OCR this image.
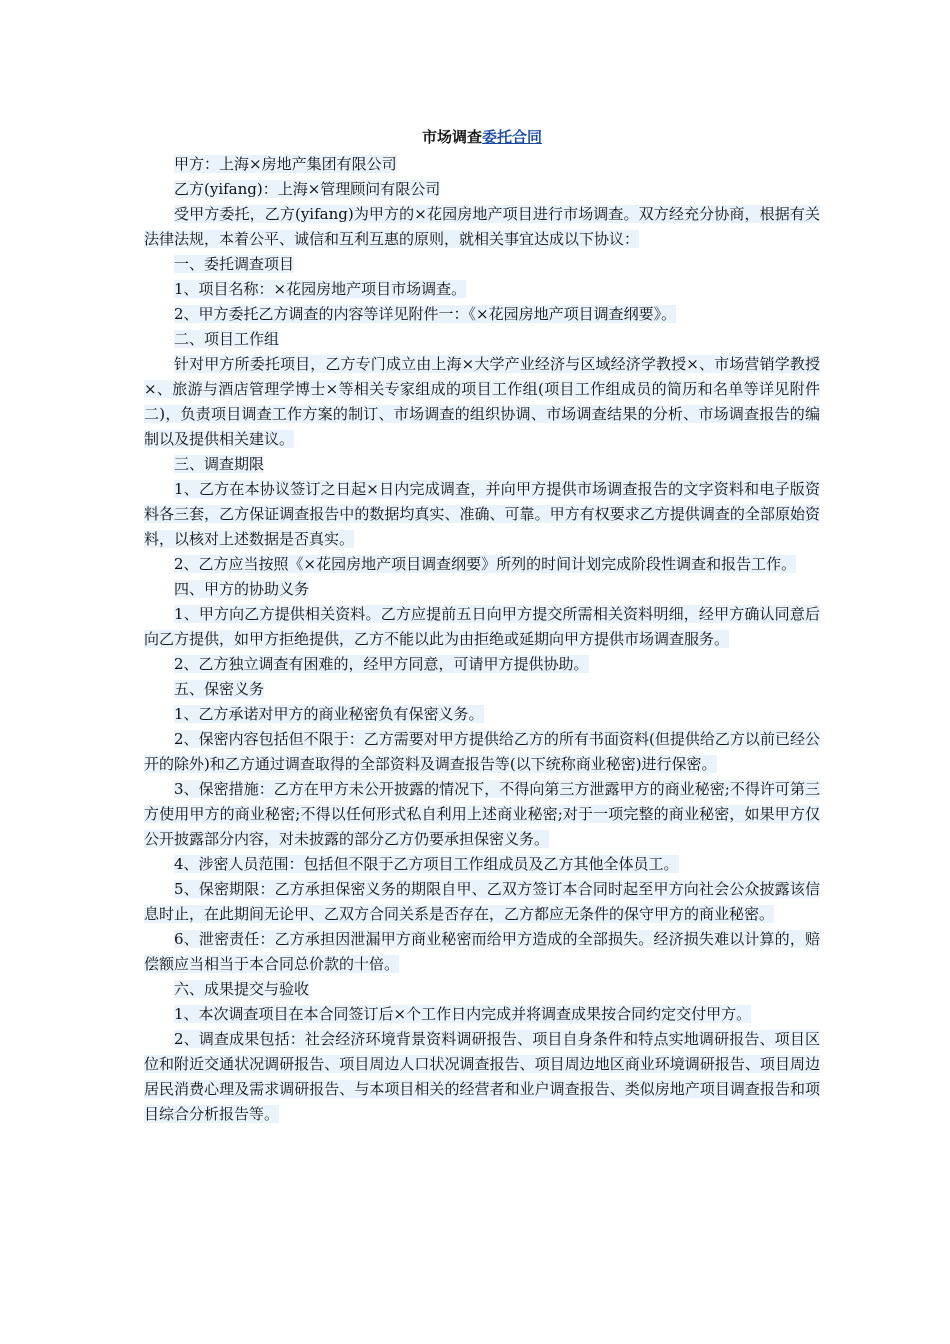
市场调查委托合同

甲方：上海×房地产集团有限公司

乙方(yifang)：上海×管理顾问有限公司

受甲方委托，乙方(yifang)为甲方的×花园房地产项目进行市场调查。双方经充分协商，根据有关法律法规，本着公平、诚信和互利互惠的原则，就相关事宜达成以下协议：

一、委托调查项目

1、项目名称：×花园房地产项目市场调查。

2、甲方委托乙方调查的内容等详见附件一：《×花园房地产项目调查纲要》。

二、项目工作组

针对甲方所委托项目，乙方专门成立由上海×大学产业经济与区域经济学教授×、市场营销学教授×、旅游与酒店管理学博士×等相关专家组成的项目工作组(项目工作组成员的简历和名单等详见附件二)，负责项目调查工作方案的制订、市场调查的组织协调、市场调查结果的分析、市场调查报告的编制以及提供相关建议。

三、调查期限

1、乙方在本协议签订之日起×日内完成调查，并向甲方提供市场调查报告的文字资料和电子版资料各三套，乙方保证调查报告中的数据均真实、准确、可靠。甲方有权要求乙方提供调查的全部原始资料，以核对上述数据是否真实。

2、乙方应当按照《×花园房地产项目调查纲要》所列的时间计划完成阶段性调查和报告工作。

四、甲方的协助义务

1、甲方向乙方提供相关资料。乙方应提前五日向甲方提交所需相关资料明细，经甲方确认同意后向乙方提供，如甲方拒绝提供，乙方不能以此为由拒绝或延期向甲方提供市场调查服务。

2、乙方独立调查有困难的，经甲方同意，可请甲方提供协助。

五、保密义务

1、乙方承诺对甲方的商业秘密负有保密义务。

2、保密内容包括但不限于：乙方需要对甲方提供给乙方的所有书面资料(但提供给乙方以前已经公开的除外)和乙方通过调查取得的全部资料及调查报告等(以下统称商业秘密)进行保密。

3、保密措施：乙方在甲方未公开披露的情况下，不得向第三方泄露甲方的商业秘密;不得许可第三方使用甲方的商业秘密;不得以任何形式私自利用上述商业秘密;对于一项完整的商业秘密，如果甲方仅公开披露部分内容，对未披露的部分乙方仍要承担保密义务。

4、涉密人员范围：包括但不限于乙方项目工作组成员及乙方其他全体员工。

5、保密期限：乙方承担保密义务的期限自甲、乙双方签订本合同时起至甲方向社会公众披露该信息时止，在此期间无论甲、乙双方合同关系是否存在，乙方都应无条件的保守甲方的商业秘密。

6、泄密责任：乙方承担因泄漏甲方商业秘密而给甲方造成的全部损失。经济损失难以计算的，赔偿额应当相当于本合同总价款的十倍。

六、成果提交与验收

1、本次调查项目在本合同签订后×个工作日内完成并将调查成果按合同约定交付甲方。

2、调查成果包括：社会经济环境背景资料调研报告、项目自身条件和特点实地调研报告、项目区位和附近交通状况调研报告、项目周边人口状况调查报告、项目周边地区商业环境调研报告、项目周边居民消费心理及需求调研报告、与本项目相关的经营者和业户调查报告、类似房地产项目调查报告和项目综合分析报告等。
